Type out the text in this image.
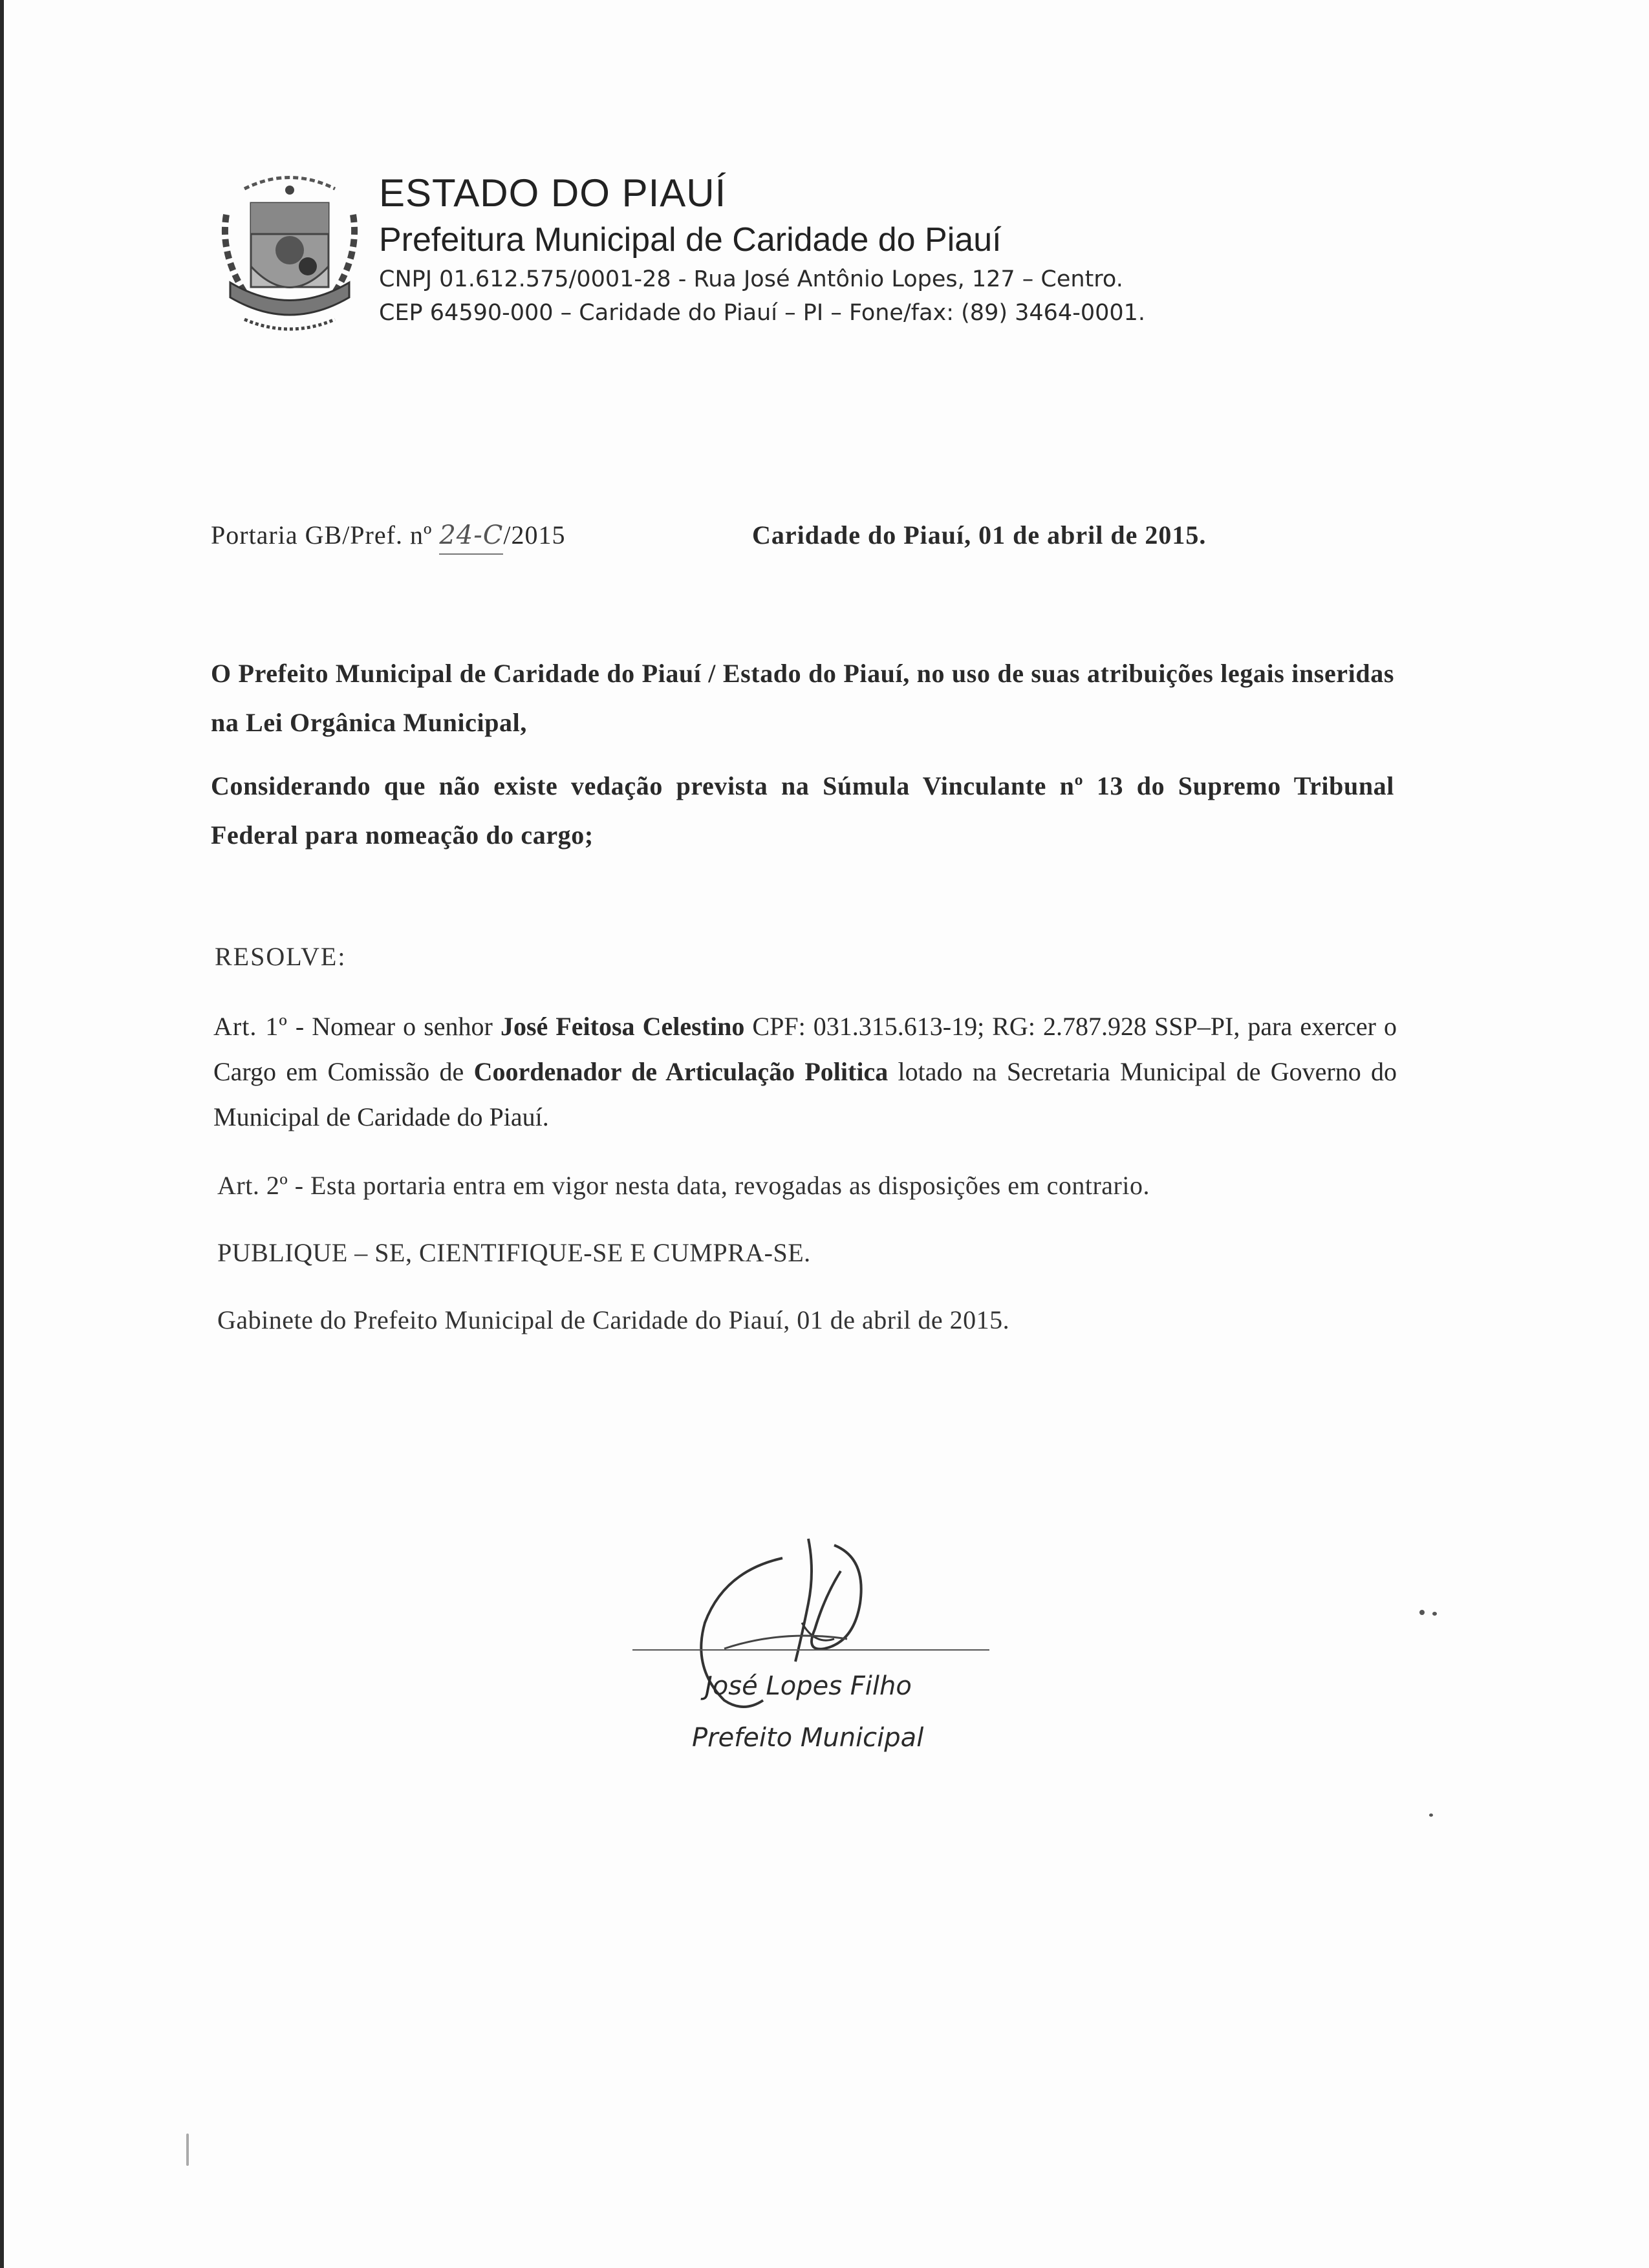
ESTADO DO PIAUÍ
Prefeitura Municipal de Caridade do Piauí
CNPJ 01.612.575/0001-28 - Rua José Antônio Lopes, 127 – Centro.
CEP 64590-000 – Caridade do Piauí – PI – Fone/fax: (89) 3464-0001.
Portaria GB/Pref. nº 24-C/2015	Caridade do Piauí, 01 de abril de 2015.
O Prefeito Municipal de Caridade do Piauí / Estado do Piauí, no uso de suas atribuições legais inseridas na Lei Orgânica Municipal,
Considerando que não existe vedação prevista na Súmula Vinculante nº 13 do Supremo Tribunal Federal para nomeação do cargo;
RESOLVE:
Art. 1º - Nomear o senhor José Feitosa Celestino CPF: 031.315.613-19; RG: 2.787.928 SSP–PI, para exercer o Cargo em Comissão de Coordenador de Articulação Politica lotado na Secretaria Municipal de Governo do Municipal de Caridade do Piauí.
Art. 2º - Esta portaria entra em vigor nesta data, revogadas as disposições em contrario.
PUBLIQUE – SE, CIENTIFIQUE-SE E CUMPRA-SE.
Gabinete do Prefeito Municipal de Caridade do Piauí, 01 de abril de 2015.
José Lopes Filho
Prefeito Municipal
